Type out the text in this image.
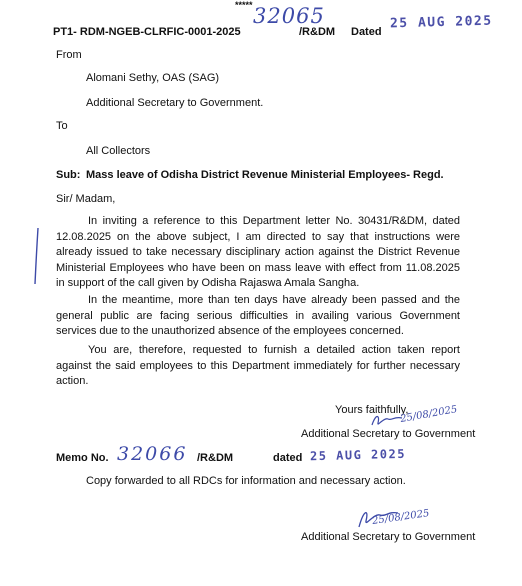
*****
PT1- RDM-NGEB-CLRFIC-0001-2025
32065
/R&DM Dated
25 AUG 2025
From
Alomani Sethy, OAS (SAG)
Additional Secretary to Government.
To
All Collectors
Sub: Mass leave of Odisha District Revenue Ministerial Employees- Regd.
Sir/ Madam,
In inviting a reference to this Department letter No. 30431/R&DM, dated 12.08.2025 on the above subject, I am directed to say that instructions were already issued to take necessary disciplinary action against the District Revenue Ministerial Employees who have been on mass leave with effect from 11.08.2025 in support of the call given by Odisha Rajaswa Amala Sangha.
In the meantime, more than ten days have already been passed and the general public are facing serious difficulties in availing various Government services due to the unauthorized absence of the employees concerned.
You are, therefore, requested to furnish a detailed action taken report against the said employees to this Department immediately for further necessary action.
Yours faithfully,
25/08/2025
Additional Secretary to Government
Memo No. 32066 /R&DM	dated 25 AUG 2025
Copy forwarded to all RDCs for information and necessary action.
25/08/2025
Additional Secretary to Government
